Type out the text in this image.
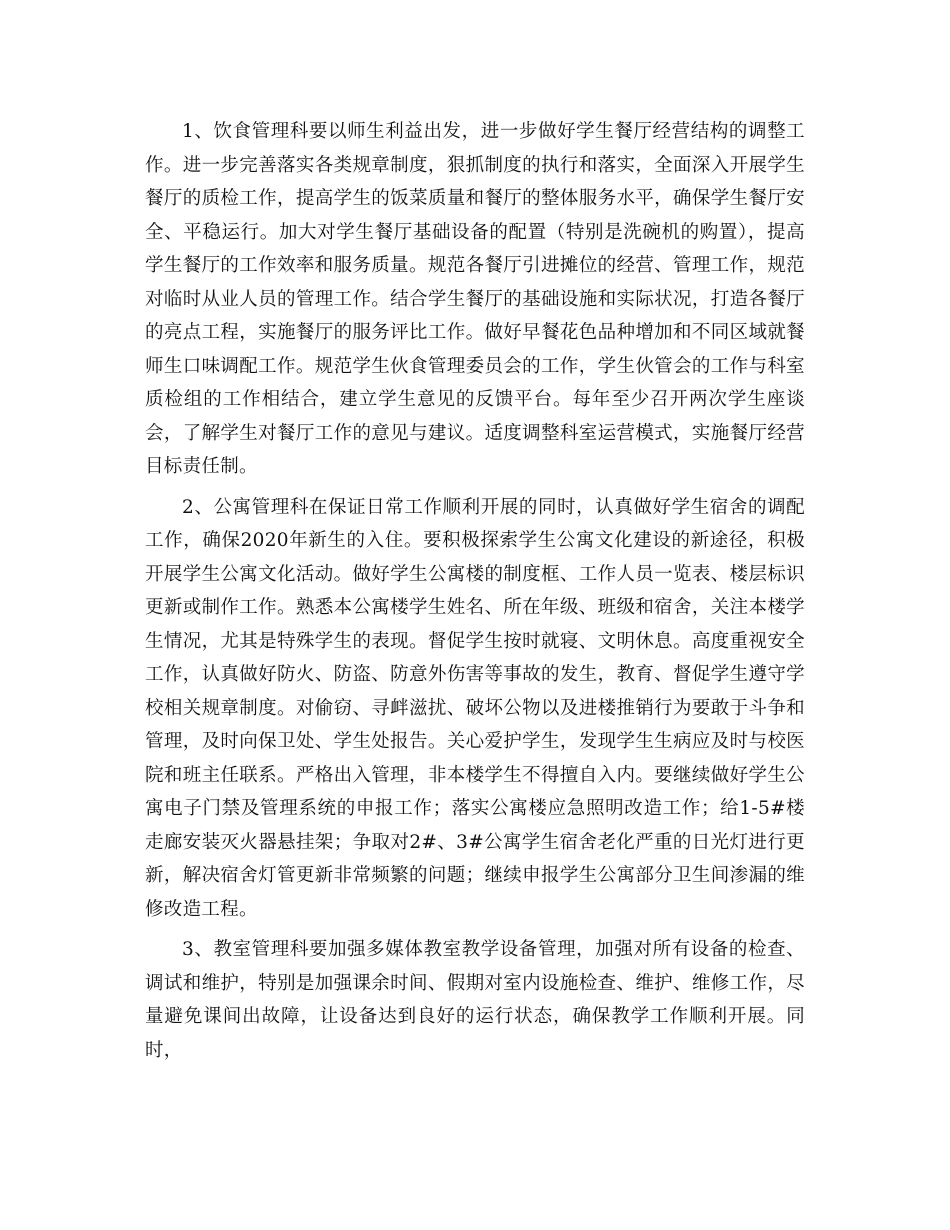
1、饮食管理科要以师生利益出发，进一步做好学生餐厅经营结构的调整工作。进一步完善落实各类规章制度，狠抓制度的执行和落实，全面深入开展学生餐厅的质检工作，提高学生的饭菜质量和餐厅的整体服务水平，确保学生餐厅安全、平稳运行。加大对学生餐厅基础设备的配置（特别是洗碗机的购置），提高学生餐厅的工作效率和服务质量。规范各餐厅引进摊位的经营、管理工作，规范对临时从业人员的管理工作。结合学生餐厅的基础设施和实际状况，打造各餐厅的亮点工程，实施餐厅的服务评比工作。做好早餐花色品种增加和不同区域就餐师生口味调配工作。规范学生伙食管理委员会的工作，学生伙管会的工作与科室质检组的工作相结合，建立学生意见的反馈平台。每年至少召开两次学生座谈会，了解学生对餐厅工作的意见与建议。适度调整科室运营模式，实施餐厅经营目标责任制。

2、公寓管理科在保证日常工作顺利开展的同时，认真做好学生宿舍的调配工作，确保2020年新生的入住。要积极探索学生公寓文化建设的新途径，积极开展学生公寓文化活动。做好学生公寓楼的制度框、工作人员一览表、楼层标识更新或制作工作。熟悉本公寓楼学生姓名、所在年级、班级和宿舍，关注本楼学生情况，尤其是特殊学生的表现。督促学生按时就寝、文明休息。高度重视安全工作，认真做好防火、防盗、防意外伤害等事故的发生，教育、督促学生遵守学校相关规章制度。对偷窃、寻衅滋扰、破坏公物以及进楼推销行为要敢于斗争和管理，及时向保卫处、学生处报告。关心爱护学生，发现学生生病应及时与校医院和班主任联系。严格出入管理，非本楼学生不得擅自入内。要继续做好学生公寓电子门禁及管理系统的申报工作；落实公寓楼应急照明改造工作；给1-5#楼走廊安装灭火器悬挂架；争取对2#、3#公寓学生宿舍老化严重的日光灯进行更新，解决宿舍灯管更新非常频繁的问题；继续申报学生公寓部分卫生间渗漏的维修改造工程。

3、教室管理科要加强多媒体教室教学设备管理，加强对所有设备的检查、调试和维护，特别是加强课余时间、假期对室内设施检查、维护、维修工作，尽量避免课间出故障，让设备达到良好的运行状态，确保教学工作顺利开展。同时，
